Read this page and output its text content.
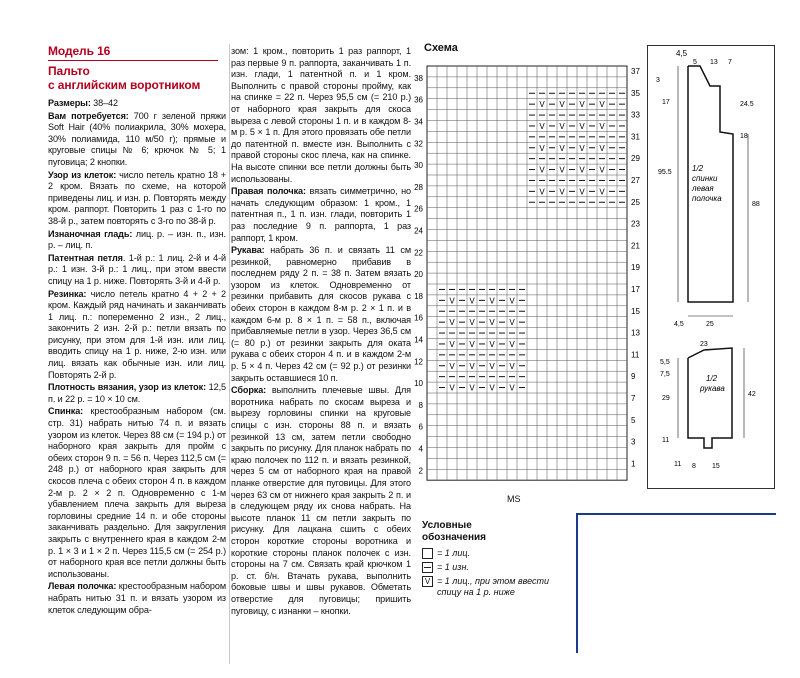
Модель 16
Пальто
с английским воротником
Размеры: 38–42
Вам потребуется: 700 г зеленой пряжи Soft Hair (40% полиакрила, 30% мохера, 30% полиамида, 110 м/50 г); прямые и круговые спицы № 6; крючок № 5; 1 пуговица; 2 кнопки.
Узор из клеток: число петель кратно 18 + 2 кром. Вязать по схеме, на которой приведены лиц. и изн. р. Повторять между кром. раппорт. Повторить 1 раз с 1-го по 38-й р., затем повторять с 3-го по 38-й р.
Изнаночная гладь: лиц. р. – изн. п., изн. р. – лиц. п.
Патентная петля. 1-й р.: 1 лиц. 2-й и 4-й р.: 1 изн. 3-й р.: 1 лиц., при этом ввести спицу на 1 р. ниже. Повторять 3-й и 4-й р.
Резинка: число петель кратно 4 + 2 + 2 кром. Каждый ряд начинать и заканчивать 1 лиц. п.: попеременно 2 изн., 2 лиц., закончить 2 изн. 2-й р.: петли вязать по рисунку, при этом для 1-й изн. или лиц. вводить спицу на 1 р. ниже, 2-ю изн. или лиц. вязать как обычные изн. или лиц. Повторять 2-й р.
Плотность вязания, узор из клеток: 12,5 п. и 22 р. = 10 × 10 см.
Спинка: крестообразным набором (см. стр. 31) набрать нитью 74 п. и вязать узором из клеток. Через 88 см (= 194 р.) от наборного края закрыть для пройм с обеих сторон 9 п. = 56 п. Через 112,5 см (= 248 р.) от наборного края закрыть для скосов плеча с обеих сторон 4 п. в каждом 2-м р. 2 × 2 п. Одновременно с 1-м убавлением плеча закрыть для выреза горловины средние 14 п. и обе стороны заканчивать раздельно. Для закругления закрыть с внутреннего края в каждом 2-м р. 1 × 3 и 1 × 2 п. Через 115,5 см (= 254 р.) от наборного края все петли должны быть использованы.
Левая полочка: крестообразным набором набрать нитью 31 п. и вязать узором из клеток следующим обра-
зом: 1 кром., повторить 1 раз раппорт, 1 раз первые 9 п. раппорта, заканчивать 1 п. изн. глади, 1 патентной п. и 1 кром. Выполнить с правой стороны пройму, как на спинке = 22 п. Через 95,5 см (= 210 р.) от наборного края закрыть для скоса выреза с левой стороны 1 п. и в каждом 8-м р. 5 × 1 п. Для этого провязать обе петли до патентной п. вместе изн. Выполнить с правой стороны скос плеча, как на спинке. На высоте спинки все петли должны быть использованы.
Правая полочка: вязать симметрично, но начать следующим образом: 1 кром., 1 патентная п., 1 п. изн. глади, повторить 1 раз последние 9 п. раппорта, 1 раз раппорт, 1 кром.
Рукава: набрать 36 п. и связать 11 см резинкой, равномерно прибавив в последнем ряду 2 п. = 38 п. Затем вязать узором из клеток. Одновременно от резинки прибавить для скосов рукава с обеих сторон в каждом 8-м р. 2 × 1 п. и в каждом 6-м р. 8 × 1 п. = 58 п., включая прибавляемые петли в узор. Через 36,5 см (= 80 р.) от резинки закрыть для оката рукава с обеих сторон 4 п. и в каждом 2-м р. 5 × 4 п. Через 42 см (= 92 р.) от резинки закрыть оставшиеся 10 п.
Сборка: выполнить плечевые швы. Для воротника набрать по скосам выреза и вырезу горловины спинки на круговые спицы с изн. стороны 88 п. и вязать резинкой 13 см, затем петли свободно закрыть по рисунку. Для планок набрать по краю полочек по 112 п. и вязать резинкой, через 5 см от наборного края на правой планке отверстие для пуговицы. Для этого через 63 см от нижнего края закрыть 2 п. и в следующем ряду их снова набрать. На высоте планок 11 см петли закрыть по рисунку. Для лацкана сшить с обеих сторон короткие стороны воротника и короткие стороны планок полочек с изн. стороны на 7 см. Связать край крючком 1 р. ст. б/н. Втачать рукава, выполнить боковые швы и швы рукавов. Обметать отверстие для пуговицы; пришить пуговицу, с изнанки – кнопки.
Схема
38
36
34
32
30
28
26
24
22
20
18
16
14
12
10
8
6
4
2
37
35
33
31
29
27
25
23
21
19
17
15
13
11
9
7
5
3
1
V V V V
V V V V
V V V V
V V V V
V V V V
V V V V
V V V V
V V V V
V V V V
V V V V
MS
Условные
обозначения
= 1 лиц.
= 1 изн.
V = 1 лиц., при этом ввести спицу на 1 р. ниже
1/2
спинки
левая
полочка
4,5
5 13 7
3
17	24.5
95.5
88
18
4,5	25
23
5,5
7,5
29
42
11
11 8 15
1/2
рукава
